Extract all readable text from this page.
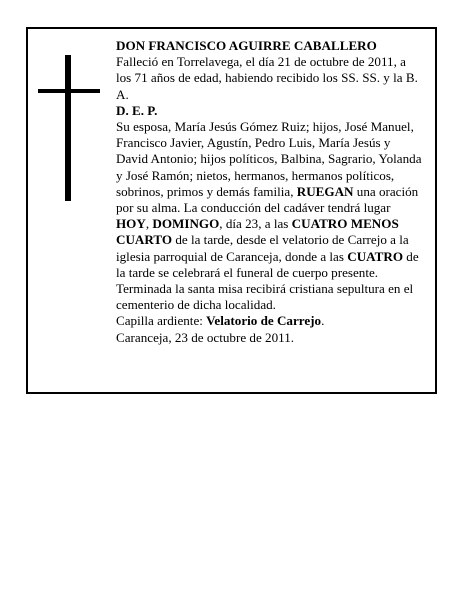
DON FRANCISCO AGUIRRE CABALLERO

Falleció en Torrelavega, el día 21 de octubre de 2011, a los 71 años de edad, habiendo recibido los SS. SS. y la B. A.

D. E. P.

Su esposa, María Jesús Gómez Ruiz; hijos, José Manuel, Francisco Javier, Agustín, Pedro Luis, María Jesús y David Antonio; hijos políticos, Balbina, Sagrario, Yolanda y José Ramón; nietos, hermanos, hermanos políticos, sobrinos, primos y demás familia, RUEGAN una oración por su alma. La conducción del cadáver tendrá lugar HOY, DOMINGO, día 23, a las CUATRO MENOS CUARTO de la tarde, desde el velatorio de Carrejo a la iglesia parroquial de Caranceja, donde a las CUATRO de la tarde se celebrará el funeral de cuerpo presente. Terminada la santa misa recibirá cristiana sepultura en el cementerio de dicha localidad.

Capilla ardiente: Velatorio de Carrejo.

Caranceja, 23 de octubre de 2011.
